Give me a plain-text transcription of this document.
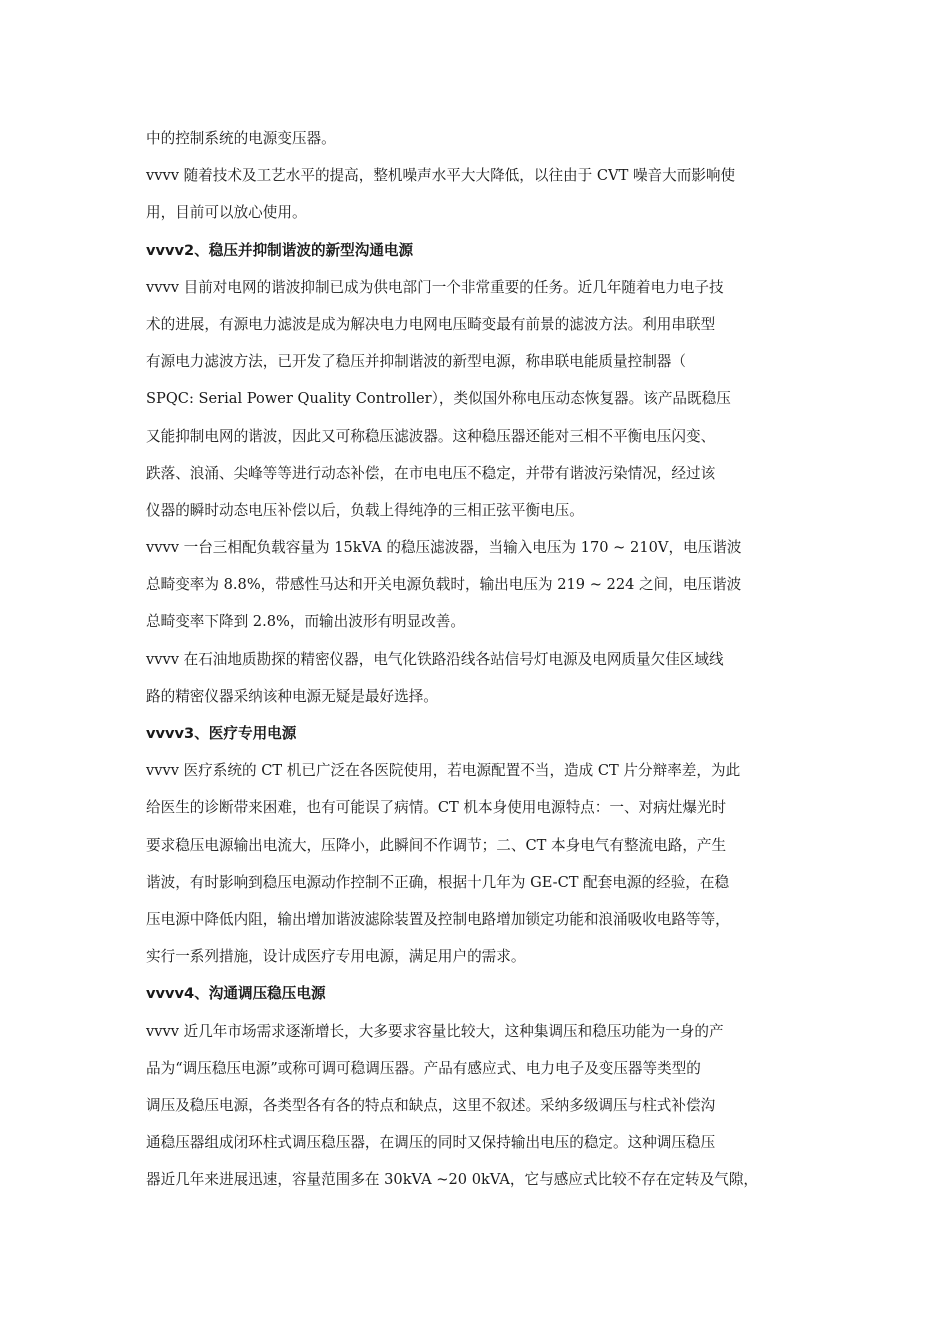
中的控制系统的电源变压器。
vvvv 随着技术及工艺水平的提高，整机噪声水平大大降低，以往由于 CVT 噪音大而影响使
用，目前可以放心使用。
vvvv2、稳压并抑制谐波的新型沟通电源
vvvv 目前对电网的谐波抑制已成为供电部门一个非常重要的任务。近几年随着电力电子技
术的进展，有源电力滤波是成为解决电力电网电压畸变最有前景的滤波方法。利用串联型
有源电力滤波方法，已开发了稳压并抑制谐波的新型电源，称串联电能质量控制器（
SPQC: Serial Power Quality Controller），类似国外称电压动态恢复器。该产品既稳压
又能抑制电网的谐波，因此又可称稳压滤波器。这种稳压器还能对三相不平衡电压闪变、
跌落、浪涌、尖峰等等进行动态补偿，在市电电压不稳定，并带有谐波污染情况，经过该
仪器的瞬时动态电压补偿以后，负载上得纯净的三相正弦平衡电压。
vvvv 一台三相配负载容量为 15kVA 的稳压滤波器，当输入电压为 170 ~ 210V，电压谐波
总畸变率为 8.8%，带感性马达和开关电源负载时，输出电压为 219 ~ 224 之间，电压谐波
总畸变率下降到 2.8%，而输出波形有明显改善。
vvvv 在石油地质勘探的精密仪器，电气化铁路沿线各站信号灯电源及电网质量欠佳区域线
路的精密仪器采纳该种电源无疑是最好选择。
vvvv3、医疗专用电源
vvvv 医疗系统的 CT 机已广泛在各医院使用，若电源配置不当，造成 CT 片分辩率差，为此
给医生的诊断带来困难，也有可能误了病情。CT 机本身使用电源特点：一、对病灶爆光时
要求稳压电源输出电流大，压降小，此瞬间不作调节；二、CT 本身电气有整流电路，产生
谐波，有时影响到稳压电源动作控制不正确，根据十几年为 GE-CT 配套电源的经验，在稳
压电源中降低内阻，输出增加谐波滤除装置及控制电路增加锁定功能和浪涌吸收电路等等，
实行一系列措施，设计成医疗专用电源，满足用户的需求。
vvvv4、沟通调压稳压电源
vvvv 近几年市场需求逐渐增长，大多要求容量比较大，这种集调压和稳压功能为一身的产
品为“调压稳压电源”或称可调可稳调压器。产品有感应式、电力电子及变压器等类型的
调压及稳压电源，各类型各有各的特点和缺点，这里不叙述。采纳多级调压与柱式补偿沟
通稳压器组成闭环柱式调压稳压器，在调压的同时又保持输出电压的稳定。这种调压稳压
器近几年来进展迅速，容量范围多在 30kVA ~20 0kVA，它与感应式比较不存在定转及气隙，
